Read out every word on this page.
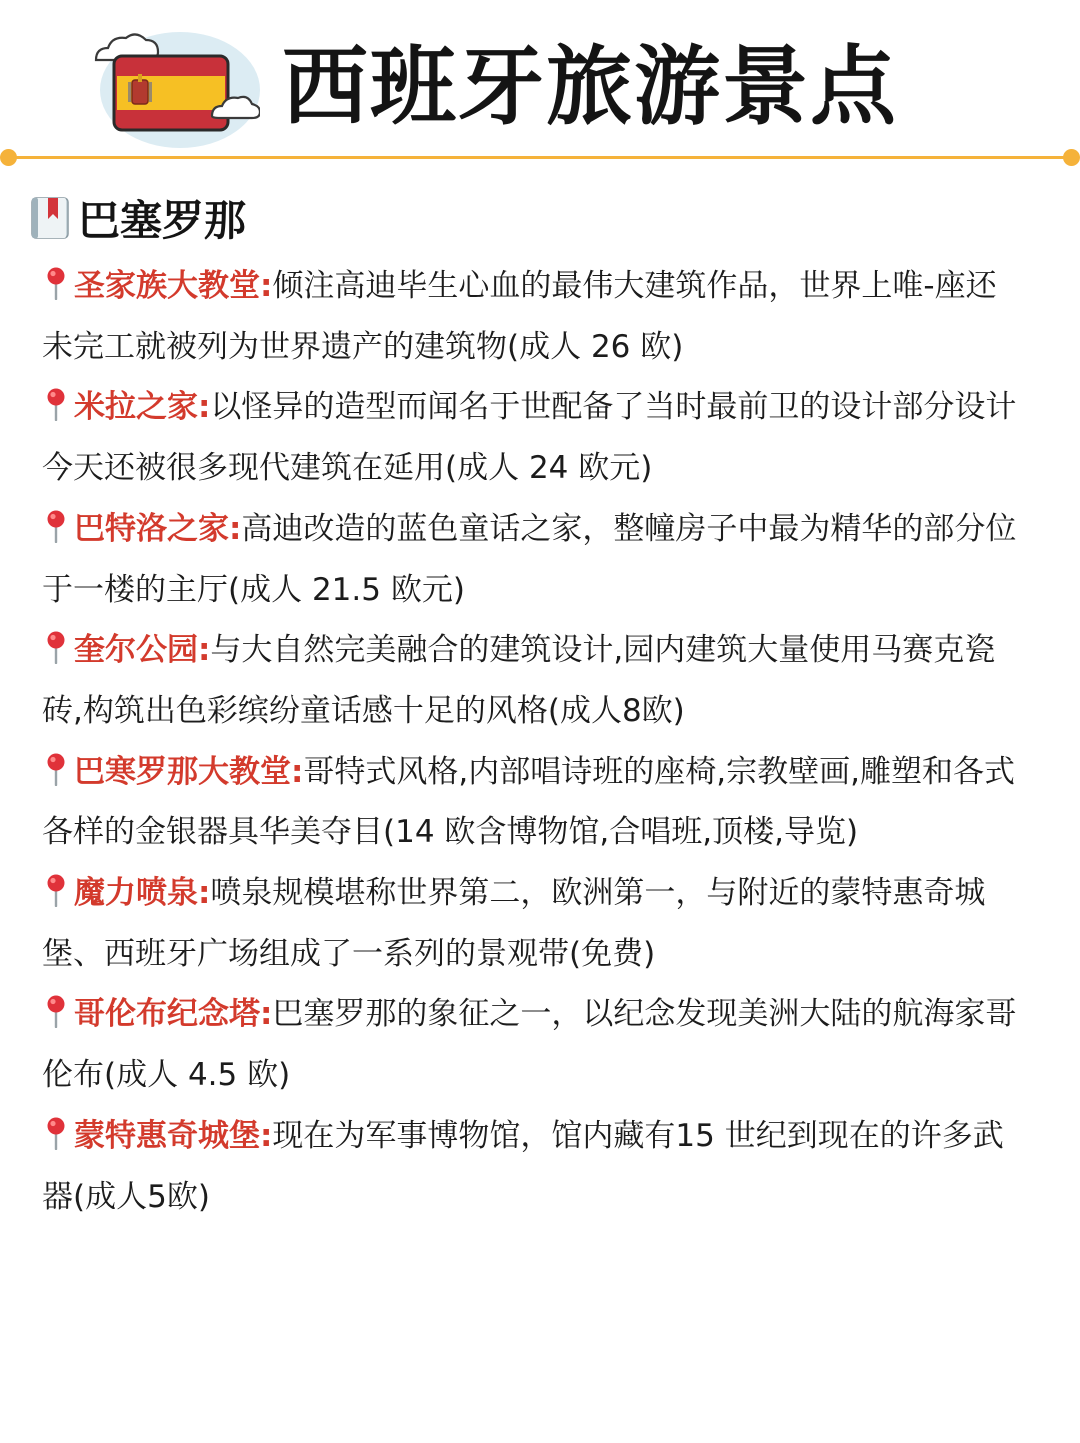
西班牙旅游景点
巴塞罗那

圣家族大教堂:倾注高迪毕生心血的最伟大建筑作品，世界上唯-座还未完工就被列为世界遗产的建筑物(成人 26 欧)

米拉之家:以怪异的造型而闻名于世配备了当时最前卫的设计部分设计今天还被很多现代建筑在延用(成人 24 欧元)

巴特洛之家:高迪改造的蓝色童话之家，整幢房子中最为精华的部分位于一楼的主厅(成人 21.5 欧元)

奎尔公园:与大自然完美融合的建筑设计,园内建筑大量使用马赛克瓷砖,构筑出色彩缤纷童话感十足的风格(成人8欧)

巴寒罗那大教堂:哥特式风格,内部唱诗班的座椅,宗教壁画,雕塑和各式各样的金银器具华美夺目(14 欧含博物馆,合唱班,顶楼,导览)

魔力喷泉:喷泉规模堪称世界第二，欧洲第一，与附近的蒙特惠奇城堡、西班牙广场组成了一系列的景观带(免费)

哥伦布纪念塔:巴塞罗那的象征之一，以纪念发现美洲大陆的航海家哥伦布(成人 4.5 欧)

蒙特惠奇城堡:现在为军事博物馆，馆内藏有15 世纪到现在的许多武器(成人5欧)
